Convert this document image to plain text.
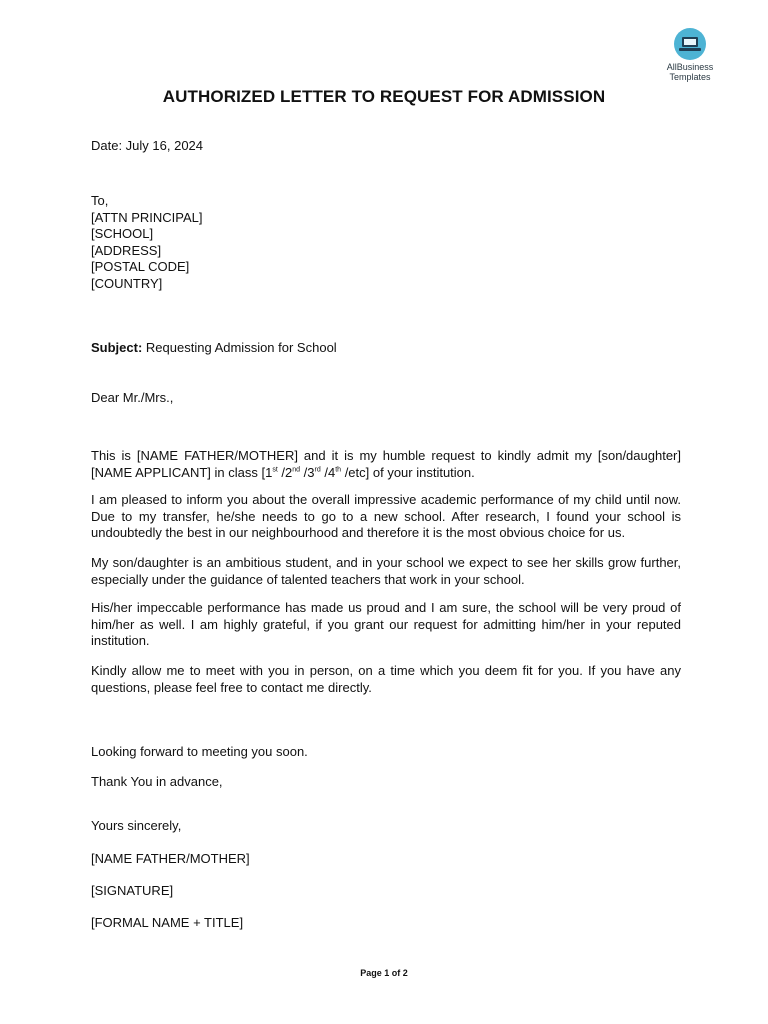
AllBusiness
Templates
AUTHORIZED LETTER TO REQUEST FOR ADMISSION
Date: July 16, 2024
To,
[ATTN PRINCIPAL]
[SCHOOL]
[ADDRESS]
[POSTAL CODE]
[COUNTRY]
Subject: Requesting Admission for School
Dear Mr./Mrs.,

This is [NAME FATHER/MOTHER] and it is my humble request to kindly admit my [son/daughter] [NAME APPLICANT] in class [1st /2nd /3rd /4th /etc] of your institution.

I am pleased to inform you about the overall impressive academic performance of my child until now. Due to my transfer, he/she needs to go to a new school. After research, I found your school is undoubtedly the best in our neighbourhood and therefore it is the most obvious choice for us.

My son/daughter is an ambitious student, and in your school we expect to see her skills grow further, especially under the guidance of talented teachers that work in your school.

His/her impeccable performance has made us proud and I am sure, the school will be very proud of him/her as well. I am highly grateful, if you grant our request for admitting him/her in your reputed institution.

Kindly allow me to meet with you in person, on a time which you deem fit for you. If you have any questions, please feel free to contact me directly.

Looking forward to meeting you soon.
Thank You in advance,
Yours sincerely,
[NAME FATHER/MOTHER]
[SIGNATURE]
[FORMAL NAME + TITLE]
Page 1 of 2
